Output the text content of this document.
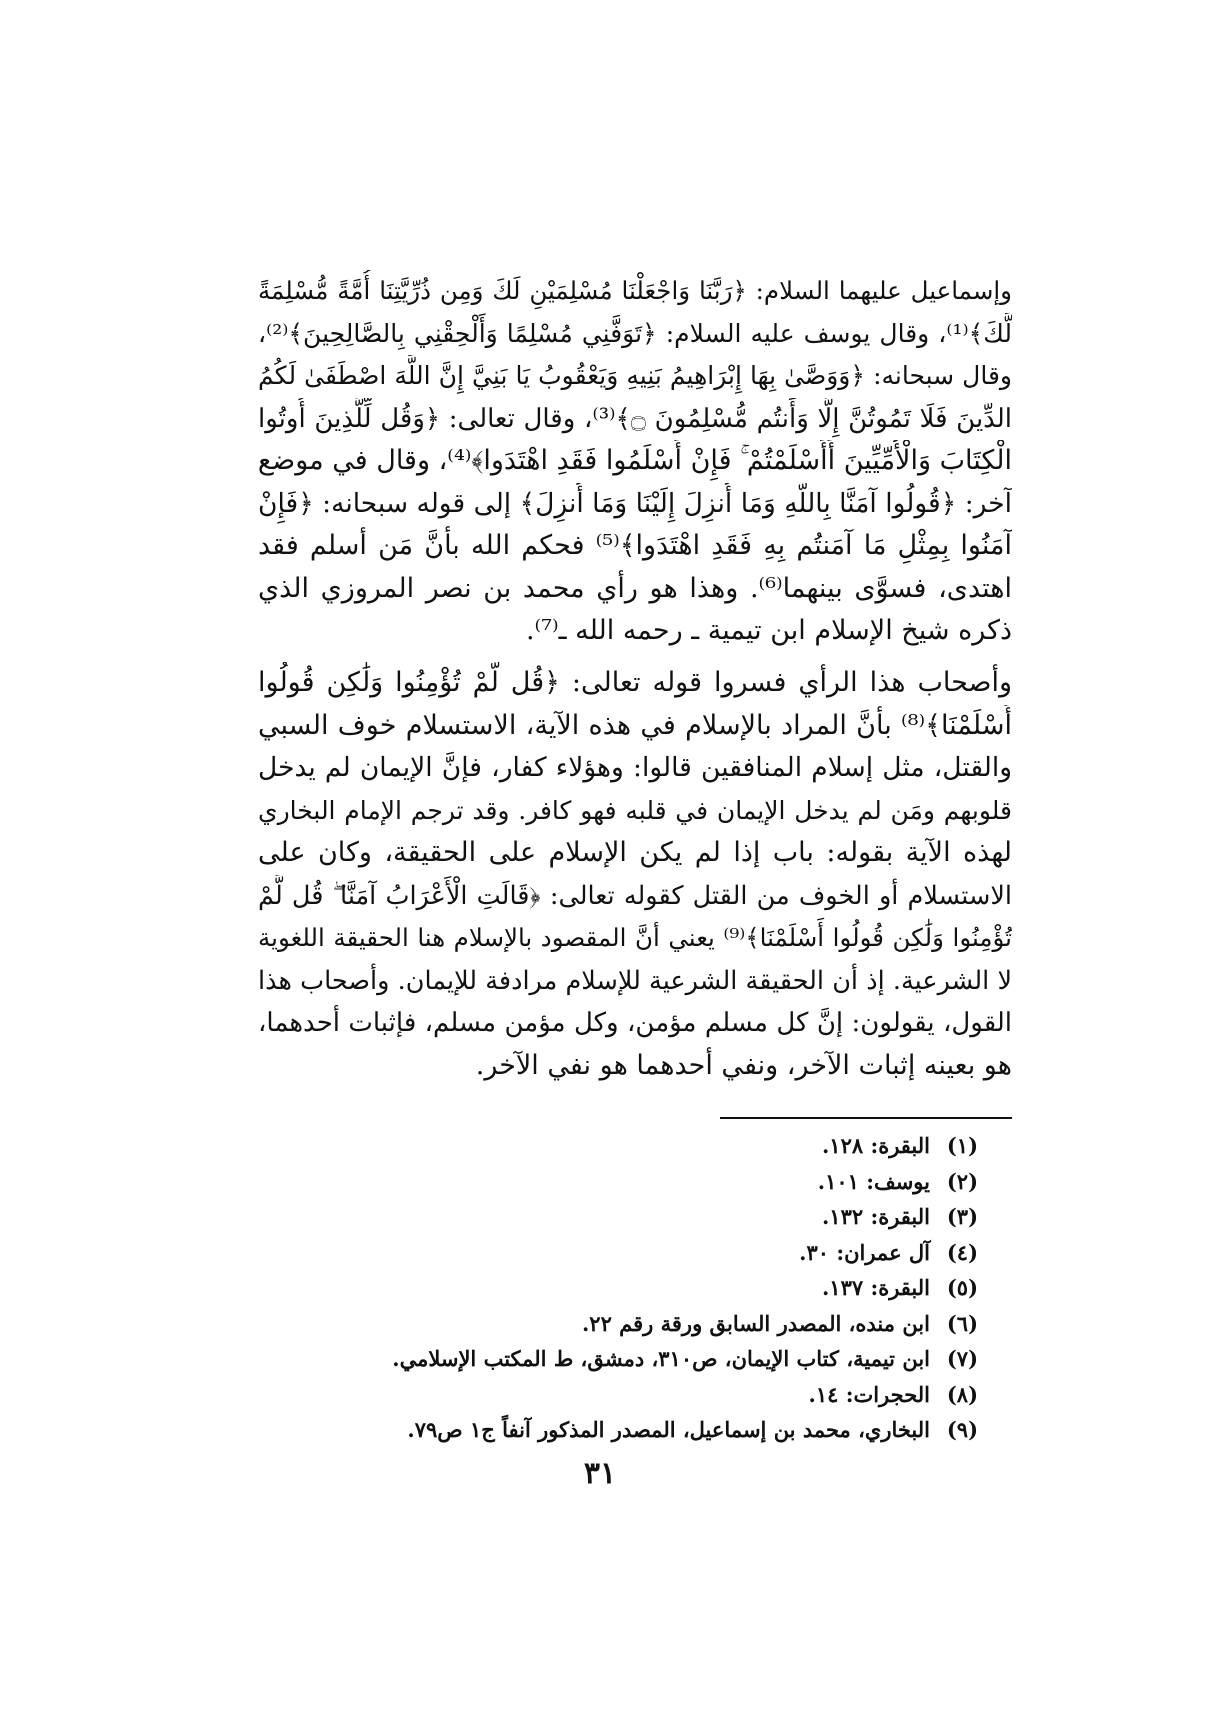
وإسماعيل عليهما السلام: ﴿رَبَّنَا وَاجْعَلْنَا مُسْلِمَيْنِ لَكَ وَمِن ذُرِّيَّتِنَا أُمَّةً مُّسْلِمَةً
لَّكَ﴾⁽¹⁾، وقال يوسف عليه السلام: ﴿تَوَفَّنِي مُسْلِمًا وَأَلْحِقْنِي بِالصَّالِحِينَ﴾⁽²⁾،
وقال سبحانه: ﴿وَوَصَّىٰ بِهَا إِبْرَاهِيمُ بَنِيهِ وَيَعْقُوبُ يَا بَنِيَّ إِنَّ اللَّهَ اصْطَفَىٰ لَكُمُ
الدِّينَ فَلَا تَمُوتُنَّ إِلَّا وَأَنتُم مُّسْلِمُونَ ۝﴾⁽³⁾، وقال تعالى: ﴿وَقُل لِّلَّذِينَ أُوتُوا
الْكِتَابَ وَالْأُمِّيِّينَ أَأَسْلَمْتُمْ ۚ فَإِنْ أَسْلَمُوا فَقَدِ اهْتَدَوا﴾⁽⁴⁾، وقال في موضع
آخر: ﴿قُولُوا آمَنَّا بِاللَّهِ وَمَا أُنزِلَ إِلَيْنَا وَمَا أُنزِلَ﴾ إلى قوله سبحانه: ﴿فَإِنْ
آمَنُوا بِمِثْلِ مَا آمَنتُم بِهِ فَقَدِ اهْتَدَوا﴾⁽⁵⁾ فحكم الله بأنَّ مَن أسلم فقد
اهتدى، فسوَّى بينهما⁽⁶⁾. وهذا هو رأي محمد بن نصر المروزي الذي
ذكره شيخ الإسلام ابن تيمية ـ رحمه الله ـ⁽⁷⁾.
وأصحاب هذا الرأي فسروا قوله تعالى: ﴿قُل لَّمْ تُؤْمِنُوا وَلَٰكِن قُولُوا
أَسْلَمْنَا﴾⁽⁸⁾ بأنَّ المراد بالإسلام في هذه الآية، الاستسلام خوف السبي
والقتل، مثل إسلام المنافقين قالوا: وهؤلاء كفار، فإنَّ الإيمان لم يدخل
قلوبهم ومَن لم يدخل الإيمان في قلبه فهو كافر. وقد ترجم الإمام البخاري
لهذه الآية بقوله: باب إذا لم يكن الإسلام على الحقيقة، وكان على
الاستسلام أو الخوف من القتل كقوله تعالى: ﴿قَالَتِ الْأَعْرَابُ آمَنَّا ۖ قُل لَّمْ
تُؤْمِنُوا وَلَٰكِن قُولُوا أَسْلَمْنَا﴾⁽⁹⁾ يعني أنَّ المقصود بالإسلام هنا الحقيقة اللغوية
لا الشرعية. إذ أن الحقيقة الشرعية للإسلام مرادفة للإيمان. وأصحاب هذا
القول، يقولون: إنَّ كل مسلم مؤمن، وكل مؤمن مسلم، فإثبات أحدهما،
هو بعينه إثبات الآخر، ونفي أحدهما هو نفي الآخر.
(١)البقرة: ١٢٨.
(٢)يوسف: ١٠١.
(٣)البقرة: ١٣٢.
(٤)آل عمران: ٣٠.
(٥)البقرة: ١٣٧.
(٦)ابن منده، المصدر السابق ورقة رقم ٢٢.
(٧)ابن تيمية، كتاب الإيمان، ص٣١٠، دمشق، ط المكتب الإسلامي.
(٨)الحجرات: ١٤.
(٩)البخاري، محمد بن إسماعيل، المصدر المذكور آنفاً ج١ ص٧٩.
٣١
